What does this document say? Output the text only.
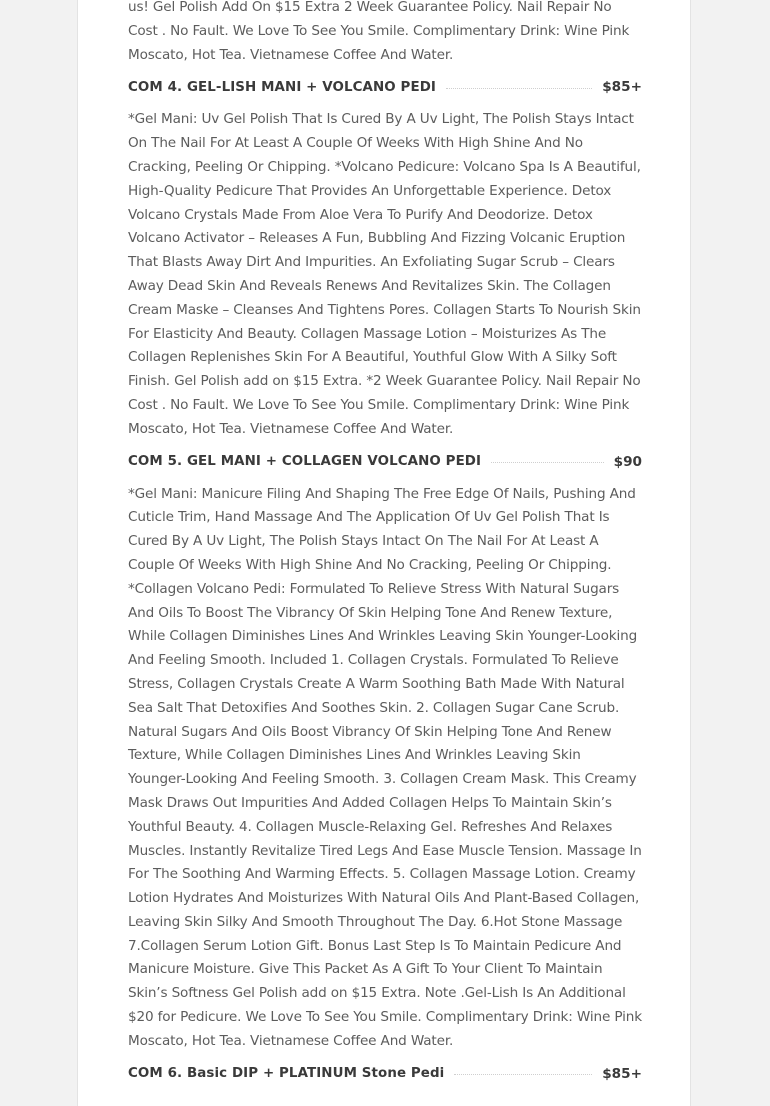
us! Gel Polish Add On $15 Extra 2 Week Guarantee Policy. Nail Repair No Cost . No Fault. We Love To See You Smile. Complimentary Drink: Wine Pink Moscato, Hot Tea. Vietnamese Coffee And Water.

COM 4. GEL-LISH MANI + VOLCANO PEDI	$85+

*Gel Mani: Uv Gel Polish That Is Cured By A Uv Light, The Polish Stays Intact On The Nail For At Least A Couple Of Weeks With High Shine And No Cracking, Peeling Or Chipping. *Volcano Pedicure: Volcano Spa Is A Beautiful, High-Quality Pedicure That Provides An Unforgettable Experience. Detox Volcano Crystals Made From Aloe Vera To Purify And Deodorize. Detox Volcano Activator – Releases A Fun, Bubbling And Fizzing Volcanic Eruption That Blasts Away Dirt And Impurities. An Exfoliating Sugar Scrub – Clears Away Dead Skin And Reveals Renews And Revitalizes Skin. The Collagen Cream Maske – Cleanses And Tightens Pores. Collagen Starts To Nourish Skin For Elasticity And Beauty. Collagen Massage Lotion – Moisturizes As The Collagen Replenishes Skin For A Beautiful, Youthful Glow With A Silky Soft Finish. Gel Polish add on $15 Extra. *2 Week Guarantee Policy. Nail Repair No Cost . No Fault. We Love To See You Smile. Complimentary Drink: Wine Pink Moscato, Hot Tea. Vietnamese Coffee And Water.

COM 5. GEL MANI + COLLAGEN VOLCANO PEDI	$90

*Gel Mani: Manicure Filing And Shaping The Free Edge Of Nails, Pushing And Cuticle Trim, Hand Massage And The Application Of Uv Gel Polish That Is Cured By A Uv Light, The Polish Stays Intact On The Nail For At Least A Couple Of Weeks With High Shine And No Cracking, Peeling Or Chipping. *Collagen Volcano Pedi: Formulated To Relieve Stress With Natural Sugars And Oils To Boost The Vibrancy Of Skin Helping Tone And Renew Texture, While Collagen Diminishes Lines And Wrinkles Leaving Skin Younger-Looking And Feeling Smooth. Included 1. Collagen Crystals. Formulated To Relieve Stress, Collagen Crystals Create A Warm Soothing Bath Made With Natural Sea Salt That Detoxifies And Soothes Skin. 2. Collagen Sugar Cane Scrub. Natural Sugars And Oils Boost Vibrancy Of Skin Helping Tone And Renew Texture, While Collagen Diminishes Lines And Wrinkles Leaving Skin Younger-Looking And Feeling Smooth. 3. Collagen Cream Mask. This Creamy Mask Draws Out Impurities And Added Collagen Helps To Maintain Skin’s Youthful Beauty. 4. Collagen Muscle-Relaxing Gel. Refreshes And Relaxes Muscles. Instantly Revitalize Tired Legs And Ease Muscle Tension. Massage In For The Soothing And Warming Effects. 5. Collagen Massage Lotion. Creamy Lotion Hydrates And Moisturizes With Natural Oils And Plant-Based Collagen, Leaving Skin Silky And Smooth Throughout The Day. 6.Hot Stone Massage 7.Collagen Serum Lotion Gift. Bonus Last Step Is To Maintain Pedicure And Manicure Moisture. Give This Packet As A Gift To Your Client To Maintain Skin’s Softness Gel Polish add on $15 Extra. Note .Gel-Lish Is An Additional $20 for Pedicure. We Love To See You Smile. Complimentary Drink: Wine Pink Moscato, Hot Tea. Vietnamese Coffee And Water.

COM 6. Basic DIP + PLATINUM Stone Pedi	$85+
